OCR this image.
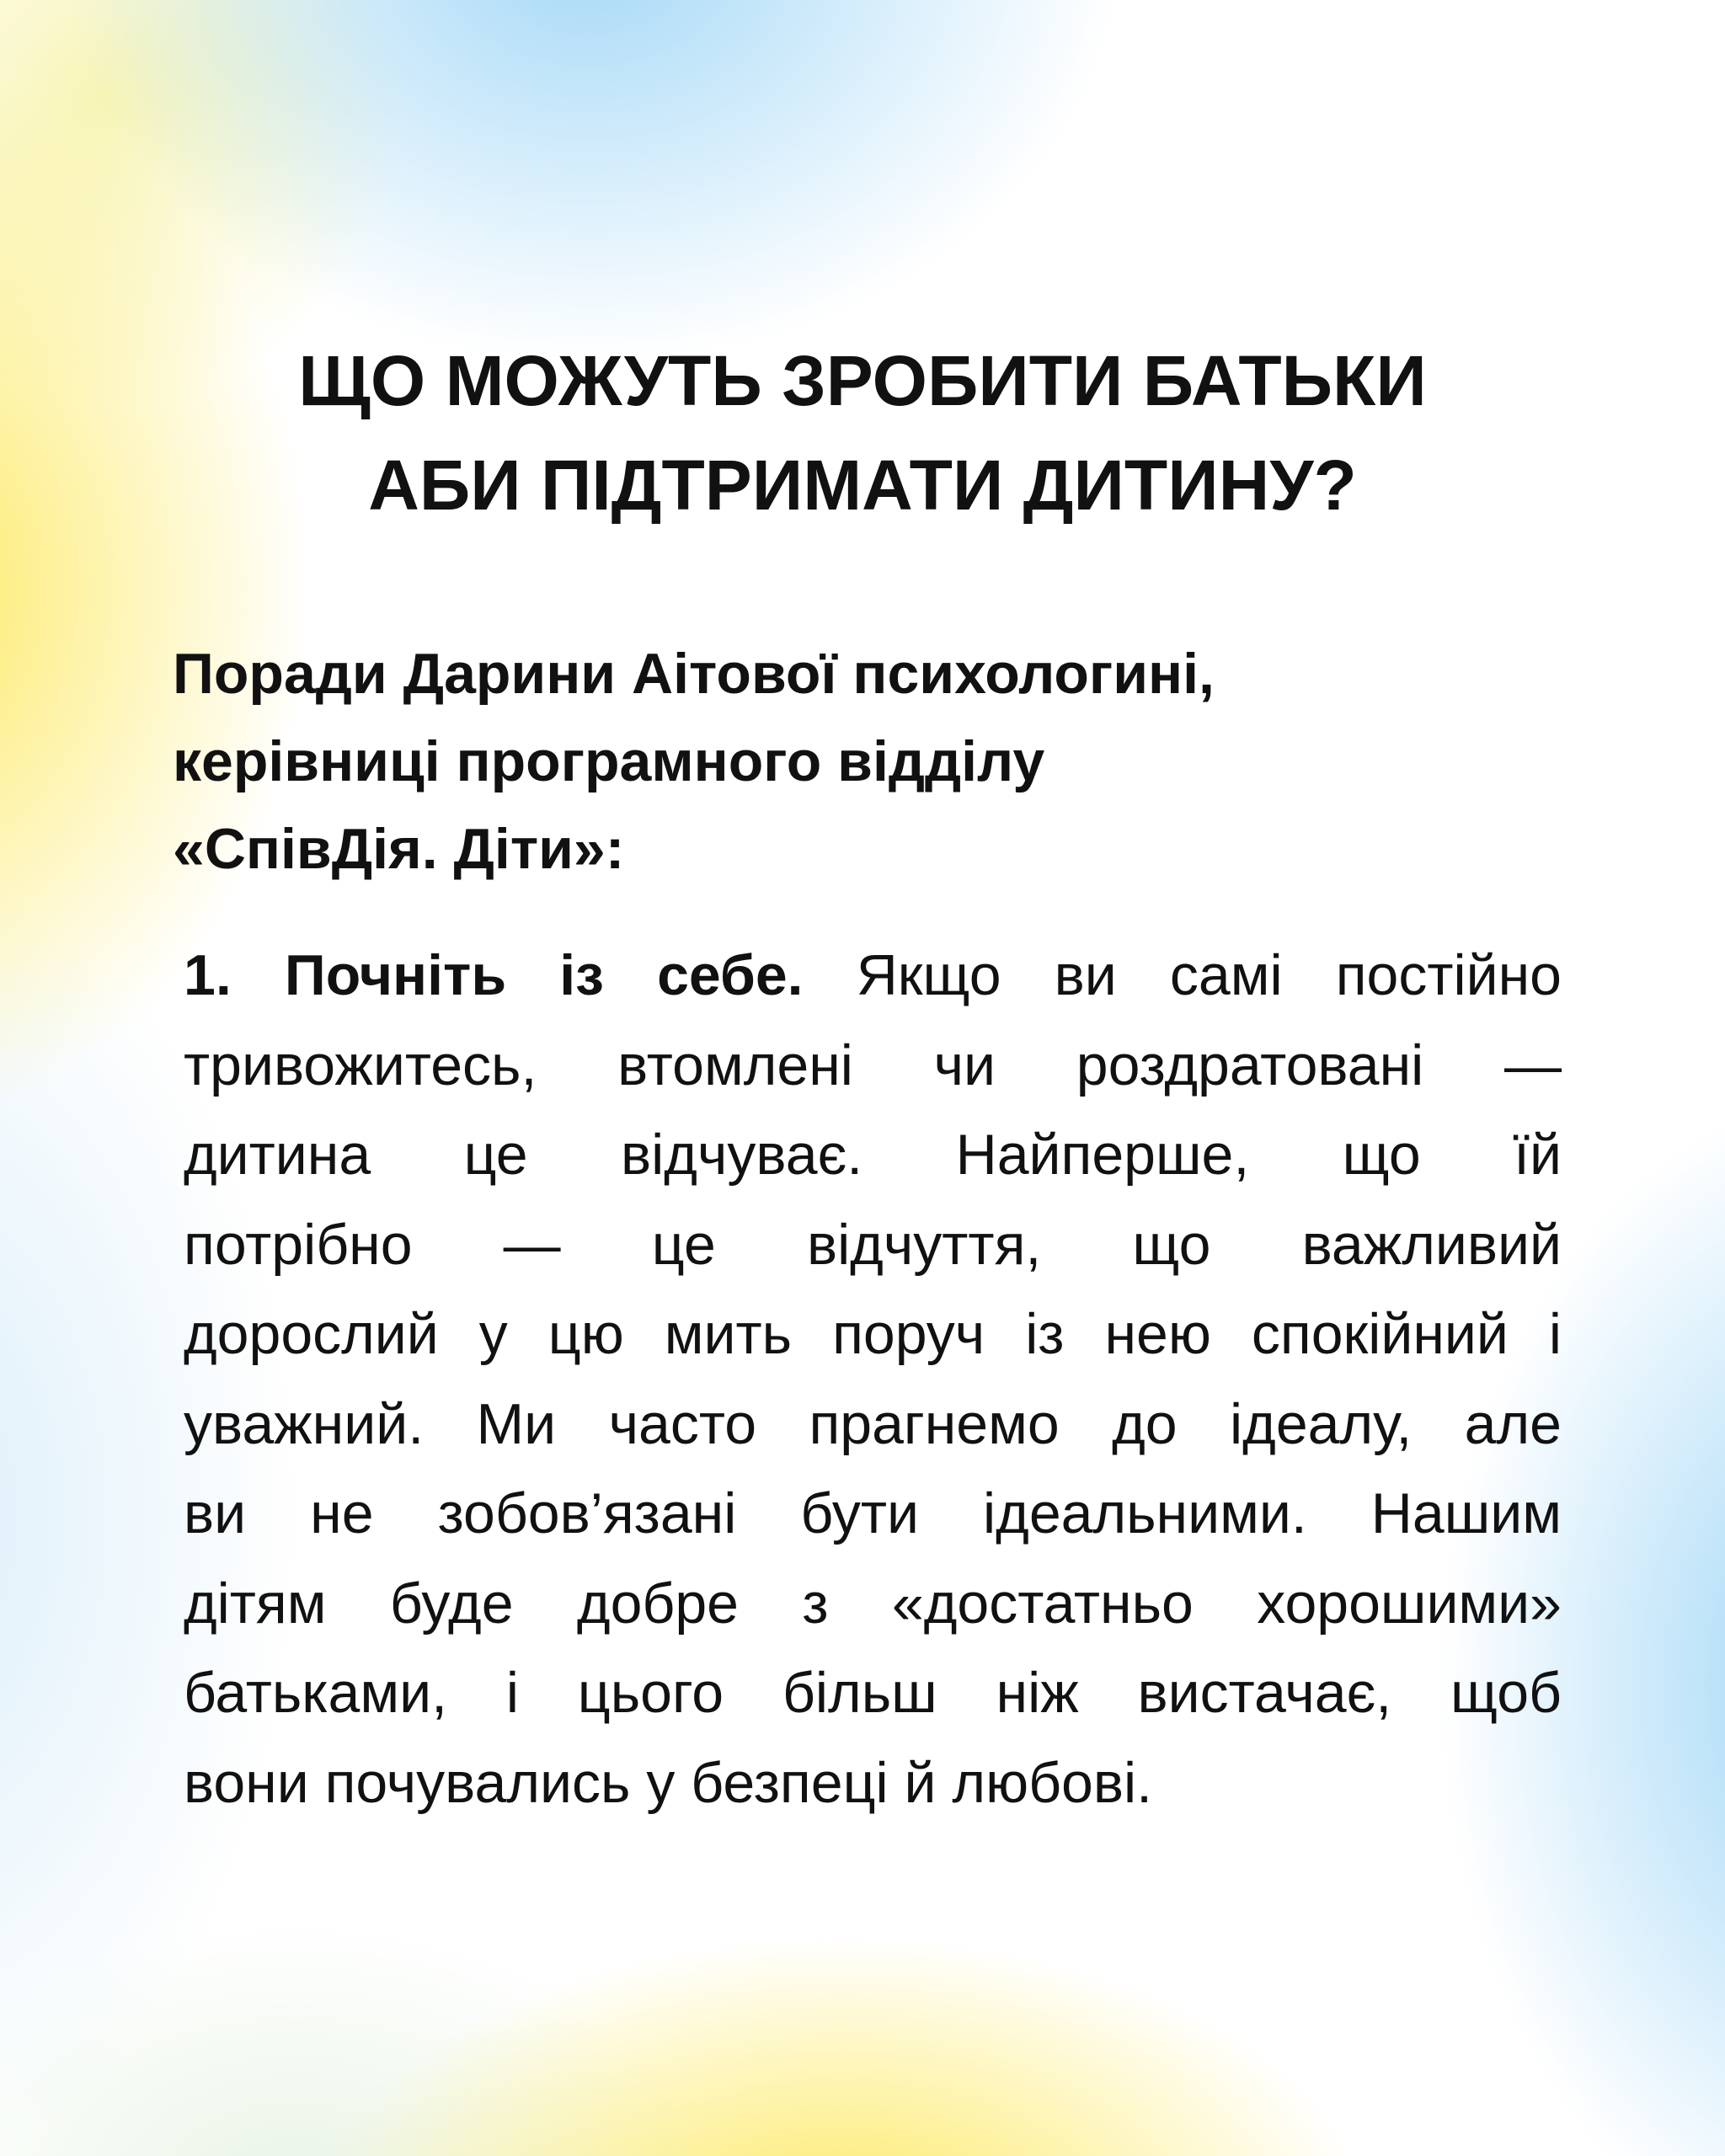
ЩО МОЖУТЬ ЗРОБИТИ БАТЬКИ
АБИ ПІДТРИМАТИ ДИТИНУ?
Поради Дарини Аітової психологині,
керівниці програмного відділу
«СпівДія. Діти»:
1. Почніть із себе. Якщо ви самі постійно
тривожитесь, втомлені чи роздратовані —
дитина це відчуває. Найперше, що їй
потрібно — це відчуття, що важливий
дорослий у цю мить поруч із нею спокійний і
уважний. Ми часто прагнемо до ідеалу, але
ви не зобов’язані бути ідеальними. Нашим
дітям буде добре з «достатньо хорошими»
батьками, і цього більш ніж вистачає, щоб
вони почувались у безпеці й любові.
